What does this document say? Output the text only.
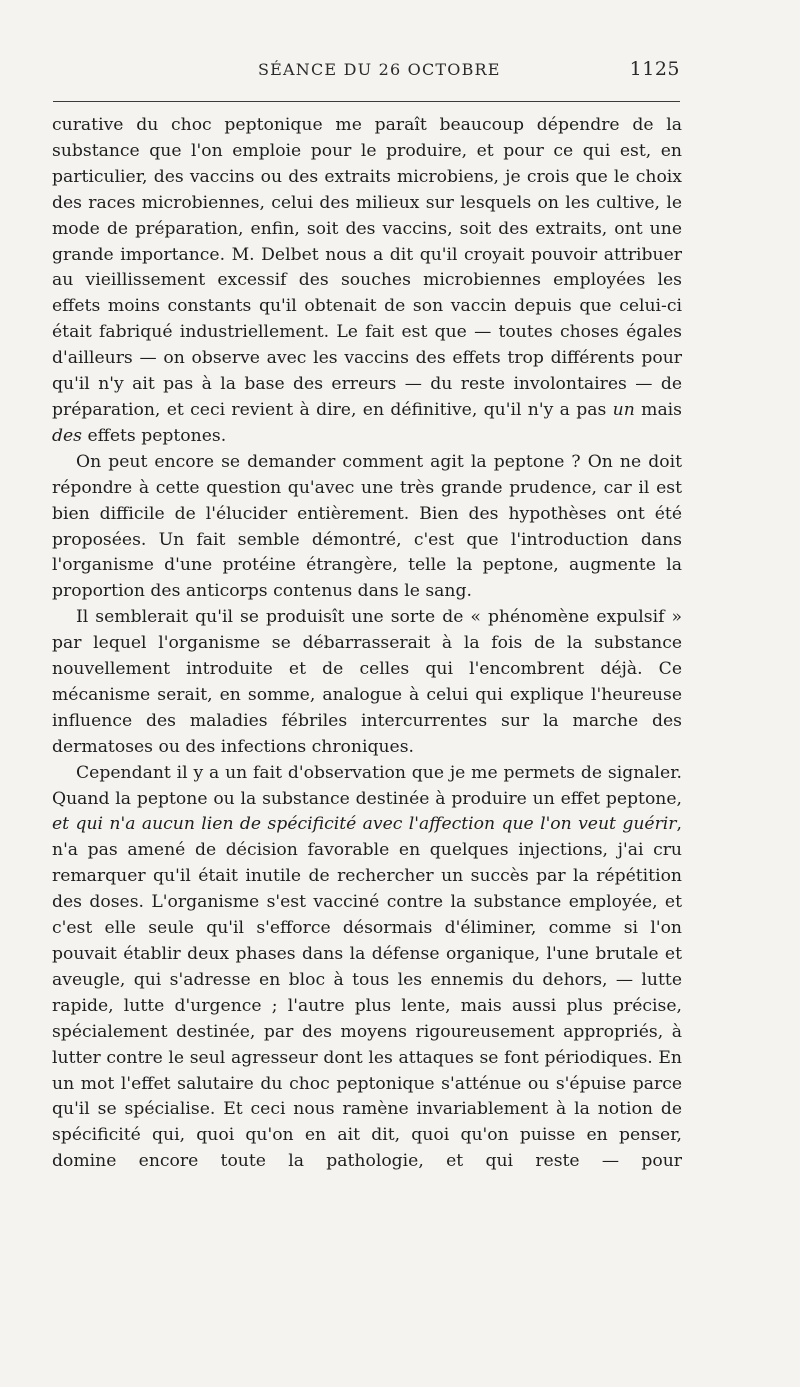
SÉANCE DU 26 OCTOBRE	1125

curative du choc peptonique me paraît beaucoup dépendre de la substance que l'on emploie pour le produire, et pour ce qui est, en particulier, des vaccins ou des extraits microbiens, je crois que le choix des races microbiennes, celui des milieux sur lesquels on les cultive, le mode de préparation, enfin, soit des vaccins, soit des extraits, ont une grande importance. M. Delbet nous a dit qu'il croyait pouvoir attribuer au vieillissement excessif des souches microbiennes employées les effets moins constants qu'il obtenait de son vaccin depuis que celui-ci était fabriqué industriellement. Le fait est que — toutes choses égales d'ailleurs — on observe avec les vaccins des effets trop différents pour qu'il n'y ait pas à la base des erreurs — du reste involontaires — de préparation, et ceci revient à dire, en définitive, qu'il n'y a pas un mais des effets peptones.

On peut encore se demander comment agit la peptone ? On ne doit répondre à cette question qu'avec une très grande prudence, car il est bien difficile de l'élucider entièrement. Bien des hypothèses ont été proposées. Un fait semble démontré, c'est que l'introduction dans l'organisme d'une protéine étrangère, telle la peptone, augmente la proportion des anticorps contenus dans le sang.

Il semblerait qu'il se produisît une sorte de « phénomène expulsif » par lequel l'organisme se débarrasserait à la fois de la substance nouvellement introduite et de celles qui l'encombrent déjà. Ce mécanisme serait, en somme, analogue à celui qui explique l'heureuse influence des maladies fébriles intercurrentes sur la marche des dermatoses ou des infections chroniques.

Cependant il y a un fait d'observation que je me permets de signaler. Quand la peptone ou la substance destinée à produire un effet peptone, et qui n'a aucun lien de spécificité avec l'affection que l'on veut guérir, n'a pas amené de décision favorable en quelques injections, j'ai cru remarquer qu'il était inutile de rechercher un succès par la répétition des doses. L'organisme s'est vacciné contre la substance employée, et c'est elle seule qu'il s'efforce désormais d'éliminer, comme si l'on pouvait établir deux phases dans la défense organique, l'une brutale et aveugle, qui s'adresse en bloc à tous les ennemis du dehors, — lutte rapide, lutte d'urgence ; l'autre plus lente, mais aussi plus précise, spécialement destinée, par des moyens rigoureusement appropriés, à lutter contre le seul agresseur dont les attaques se font périodiques. En un mot l'effet salutaire du choc peptonique s'atténue ou s'épuise parce qu'il se spécialise. Et ceci nous ramène invariablement à la notion de spécificité qui, quoi qu'on en ait dit, quoi qu'on puisse en penser, domine encore toute la pathologie, et qui reste — pour
